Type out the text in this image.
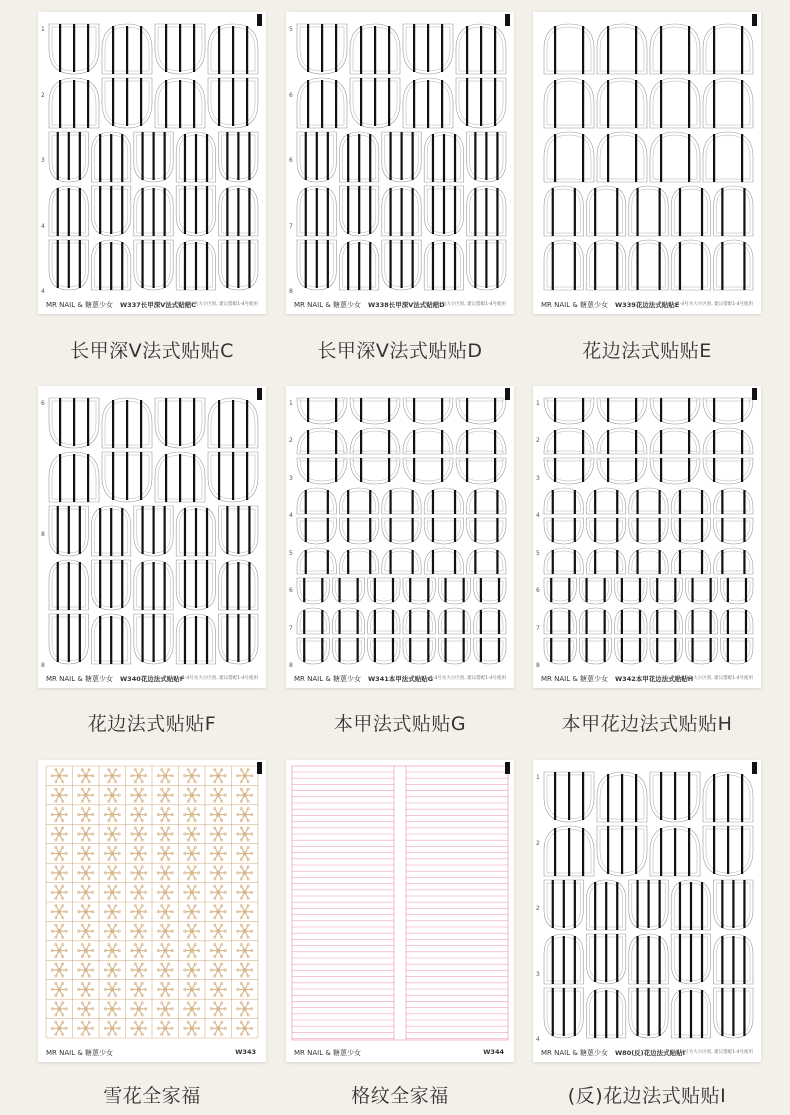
1
2
3
4
4
MR NAIL & 糖蒽少女 W337长甲深V法式贴贴C
1-4号为大小区别, 建议搭配1-4号使用
长甲深V法式贴贴C
5
6
6
7
8
MR NAIL & 糖蒽少女 W338长甲深V法式贴贴D
1-4号为大小区别, 建议搭配1-4号使用
长甲深V法式贴贴D
MR NAIL & 糖蒽少女 W339花边法式贴贴E
1-4号为大小区别, 建议搭配1-4号使用
花边法式贴贴E
6
8
8
MR NAIL & 糖蒽少女 W340花边法式贴贴F
1-4号为大小区别, 建议搭配1-4号使用
花边法式贴贴F
1
2
3
4
5
6
7
8
MR NAIL & 糖蒽少女 W341本甲法式贴贴G
1-4号为大小区别, 建议搭配1-4号使用
本甲法式贴贴G
1
2
3
4
5
6
7
8
MR NAIL & 糖蒽少女 W342本甲花边法式贴贴H
1-4号为大小区别, 建议搭配1-4号使用
本甲花边法式贴贴H
MR NAIL & 糖蒽少女	W343
雪花全家福
MR NAIL & 糖蒽少女	W344
格纹全家福
1
2
2
3
4
MR NAIL & 糖蒽少女 W80(反)花边法式贴贴I
1-4号为大小区别, 建议搭配1-4号使用
(反)花边法式贴贴I
